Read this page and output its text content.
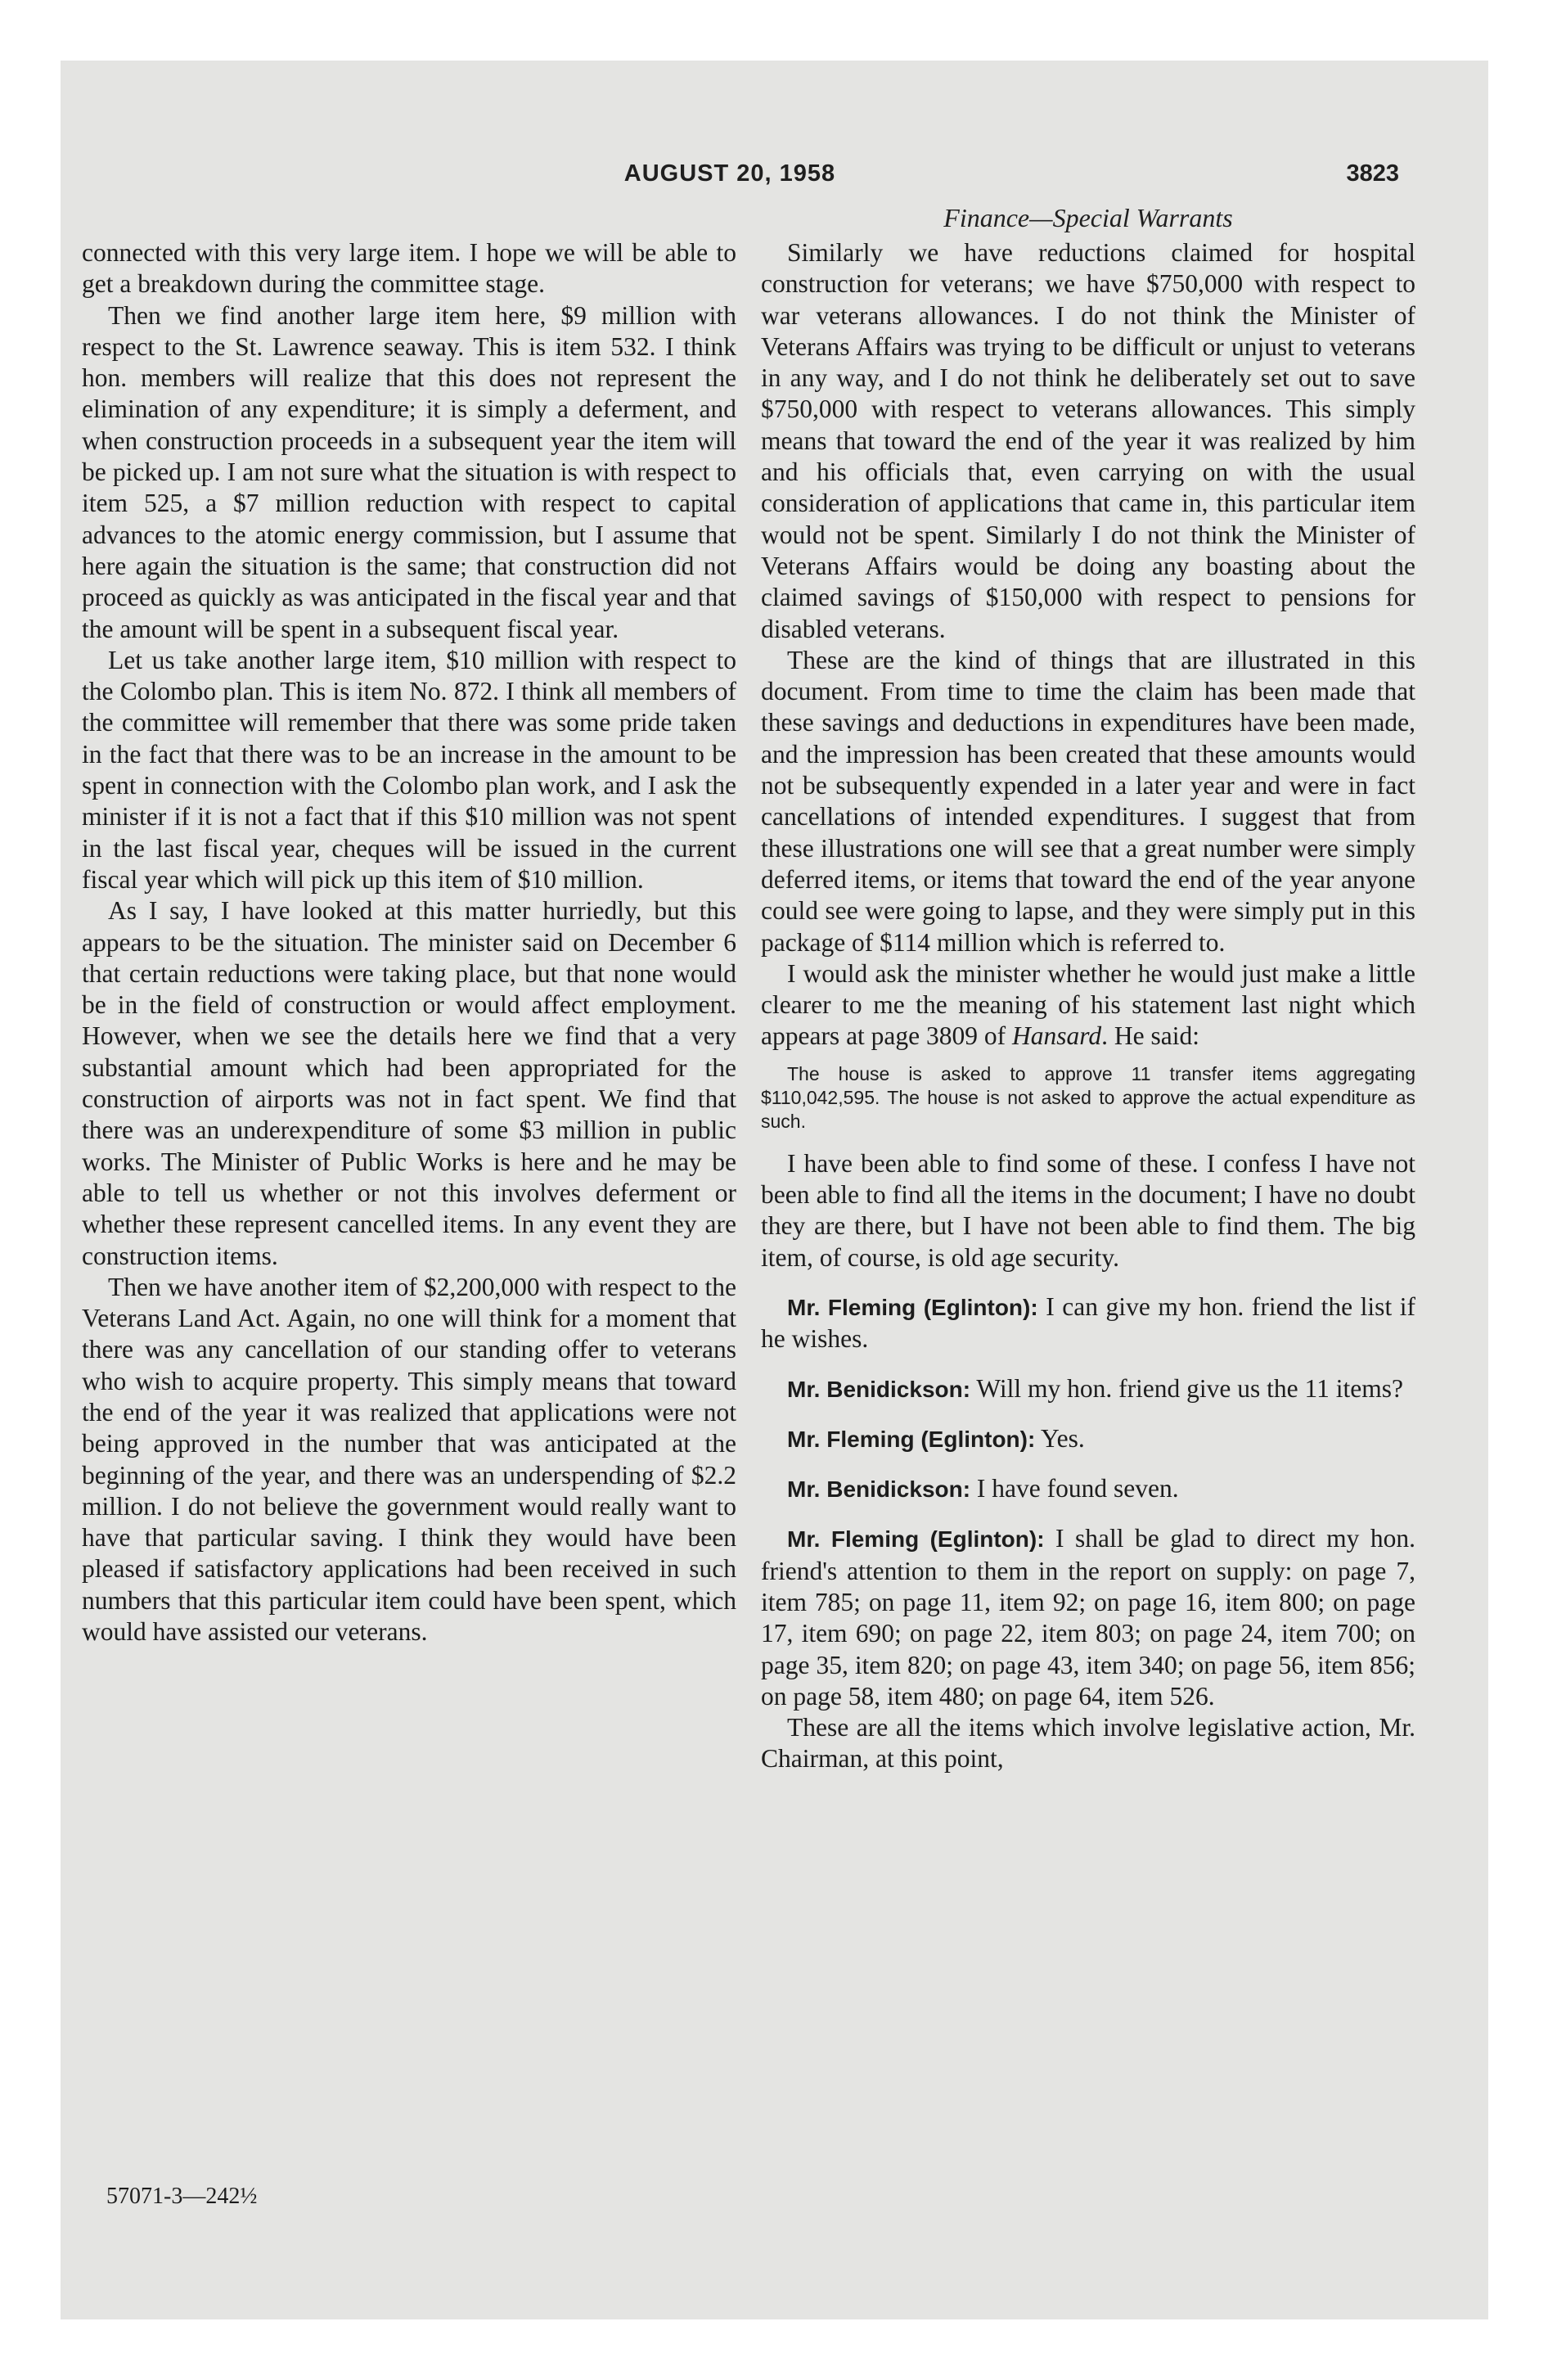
AUGUST 20, 1958	3823
Finance—Special Warrants

connected with this very large item. I hope we will be able to get a breakdown during the committee stage.

Then we find another large item here, $9 million with respect to the St. Lawrence seaway. This is item 532. I think hon. members will realize that this does not represent the elimination of any expenditure; it is simply a deferment, and when construction proceeds in a subsequent year the item will be picked up. I am not sure what the situation is with respect to item 525, a $7 million reduction with respect to capital advances to the atomic energy commission, but I assume that here again the situation is the same; that construction did not proceed as quickly as was anticipated in the fiscal year and that the amount will be spent in a subsequent fiscal year.

Let us take another large item, $10 million with respect to the Colombo plan. This is item No. 872. I think all members of the committee will remember that there was some pride taken in the fact that there was to be an increase in the amount to be spent in connection with the Colombo plan work, and I ask the minister if it is not a fact that if this $10 million was not spent in the last fiscal year, cheques will be issued in the current fiscal year which will pick up this item of $10 million.

As I say, I have looked at this matter hurriedly, but this appears to be the situation. The minister said on December 6 that certain reductions were taking place, but that none would be in the field of construction or would affect employment. However, when we see the details here we find that a very substantial amount which had been appropriated for the construction of airports was not in fact spent. We find that there was an underexpenditure of some $3 million in public works. The Minister of Public Works is here and he may be able to tell us whether or not this involves deferment or whether these represent cancelled items. In any event they are construction items.

Then we have another item of $2,200,000 with respect to the Veterans Land Act. Again, no one will think for a moment that there was any cancellation of our standing offer to veterans who wish to acquire property. This simply means that toward the end of the year it was realized that applications were not being approved in the number that was anticipated at the beginning of the year, and there was an underspending of $2.2 million. I do not believe the government would really want to have that particular saving. I think they would have been pleased if satisfactory applications had been received in such numbers that this particular item could have been spent, which would have assisted our veterans.

57071-3—242½

Similarly we have reductions claimed for hospital construction for veterans; we have $750,000 with respect to war veterans allowances. I do not think the Minister of Veterans Affairs was trying to be difficult or unjust to veterans in any way, and I do not think he deliberately set out to save $750,000 with respect to veterans allowances. This simply means that toward the end of the year it was realized by him and his officials that, even carrying on with the usual consideration of applications that came in, this particular item would not be spent. Similarly I do not think the Minister of Veterans Affairs would be doing any boasting about the claimed savings of $150,000 with respect to pensions for disabled veterans.

These are the kind of things that are illustrated in this document. From time to time the claim has been made that these savings and deductions in expenditures have been made, and the impression has been created that these amounts would not be subsequently expended in a later year and were in fact cancellations of intended expenditures. I suggest that from these illustrations one will see that a great number were simply deferred items, or items that toward the end of the year anyone could see were going to lapse, and they were simply put in this package of $114 million which is referred to.

I would ask the minister whether he would just make a little clearer to me the meaning of his statement last night which appears at page 3809 of Hansard. He said:

The house is asked to approve 11 transfer items aggregating $110,042,595. The house is not asked to approve the actual expenditure as such.

I have been able to find some of these. I confess I have not been able to find all the items in the document; I have no doubt they are there, but I have not been able to find them. The big item, of course, is old age security.

Mr. Fleming (Eglinton): I can give my hon. friend the list if he wishes.

Mr. Benidickson: Will my hon. friend give us the 11 items?

Mr. Fleming (Eglinton): Yes.

Mr. Benidickson: I have found seven.

Mr. Fleming (Eglinton): I shall be glad to direct my hon. friend's attention to them in the report on supply: on page 7, item 785; on page 11, item 92; on page 16, item 800; on page 17, item 690; on page 22, item 803; on page 24, item 700; on page 35, item 820; on page 43, item 340; on page 56, item 856; on page 58, item 480; on page 64, item 526.

These are all the items which involve legislative action, Mr. Chairman, at this point,
